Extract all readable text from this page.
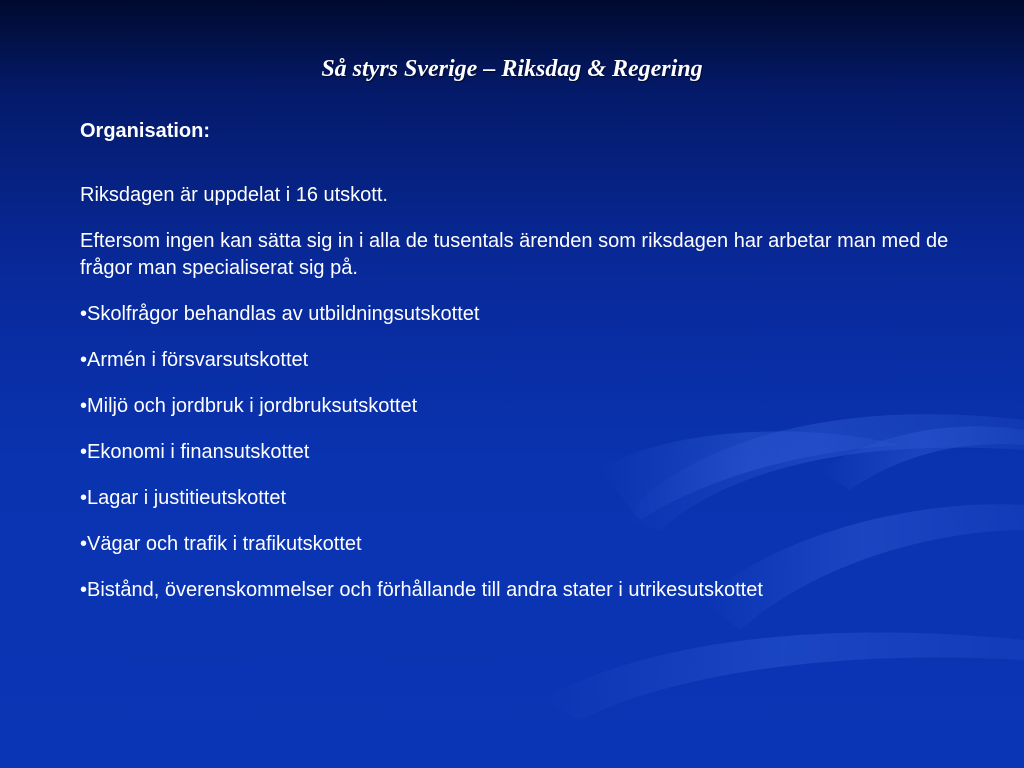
Så styrs Sverige – Riksdag & Regering
Organisation:

Riksdagen är uppdelat i 16 utskott.

Eftersom ingen kan sätta sig in i alla de tusentals ärenden som riksdagen har arbetar man med de frågor man specialiserat sig på.

•Skolfrågor behandlas av utbildningsutskottet

•Armén i försvarsutskottet

•Miljö och jordbruk i jordbruksutskottet

•Ekonomi i finansutskottet

•Lagar i justitieutskottet

•Vägar och trafik i trafikutskottet

•Bistånd, överenskommelser och förhållande till andra stater i utrikesutskottet
